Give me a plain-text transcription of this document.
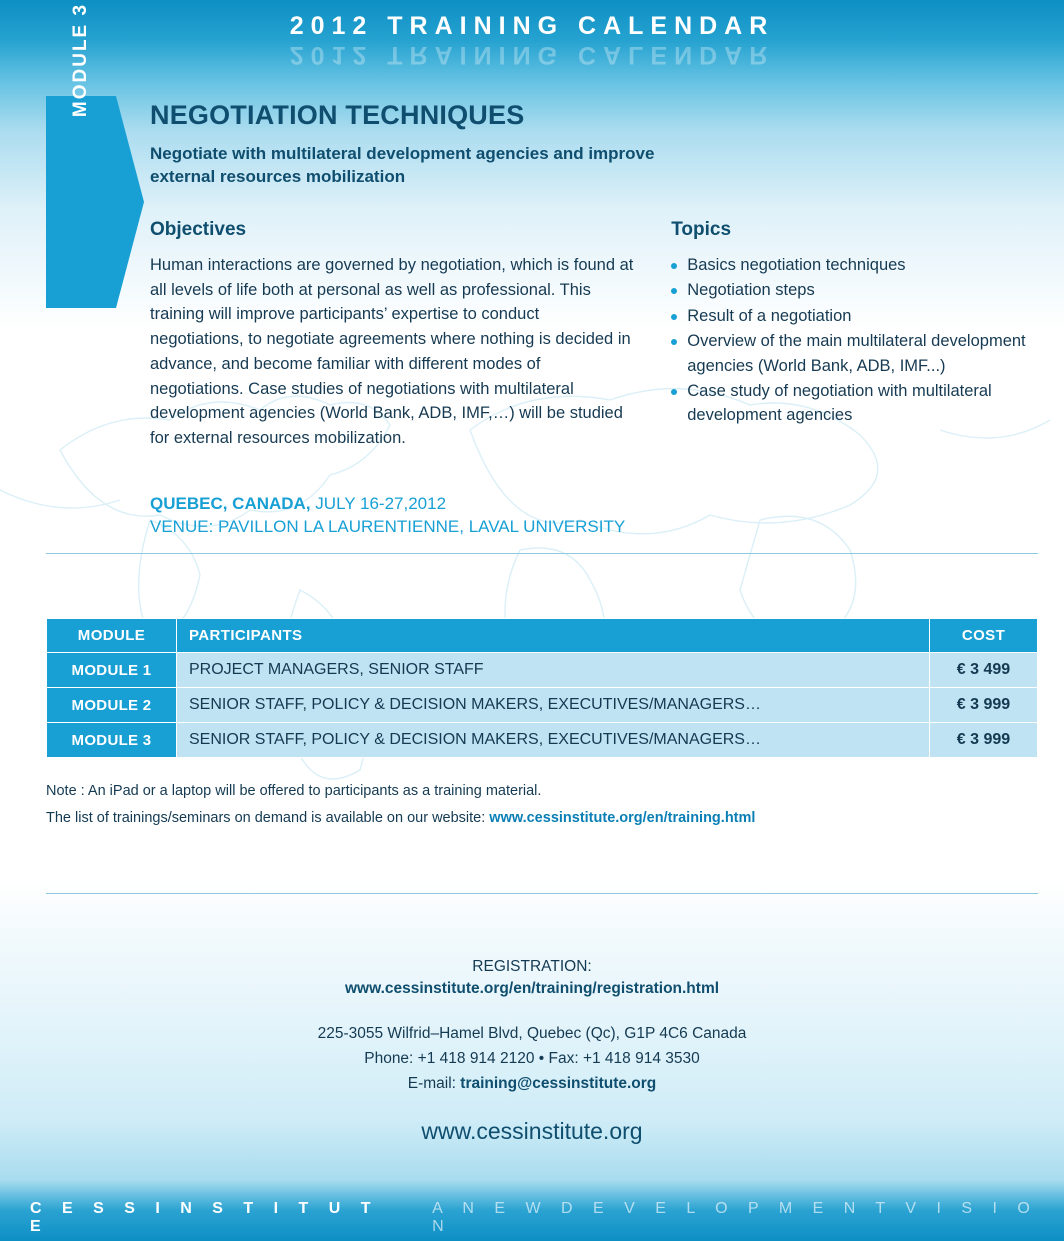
2012 TRAINING CALENDAR
2012 TRAINING CALENDAR
MODULE 3	NEGOTIATION TECHNIQUES
Negotiate with multilateral development agencies and improve external resources mobilization
Objectives

Human interactions are governed by negotiation, which is found at all levels of life both at personal as well as professional. This training will improve participants’ expertise to conduct negotiations, to negotiate agreements where nothing is decided in advance, and become familiar with different modes of negotiations. Case studies of negotiations with multilateral development agencies (World Bank, ADB, IMF,…) will be studied for external resources mobilization.

Topics
Basics negotiation techniques
Negotiation steps
Result of a negotiation
Overview of the main multilateral development agencies (World Bank, ADB, IMF...)
Case study of negotiation with multilateral development agencies
QUEBEC, CANADA, JULY 16-27,2012
VENUE: PAVILLON LA LAURENTIENNE, LAVAL UNIVERSITY
MODULE	PARTICIPANTS	COST
MODULE 1	PROJECT MANAGERS, SENIOR STAFF	€ 3 499
MODULE 2	SENIOR STAFF, POLICY & DECISION MAKERS, EXECUTIVES/MANAGERS…	€ 3 999
MODULE 3	SENIOR STAFF, POLICY & DECISION MAKERS, EXECUTIVES/MANAGERS…	€ 3 999
Note : An iPad or a laptop will be offered to participants as a training material.
The list of trainings/seminars on demand is available on our website: www.cessinstitute.org/en/training.html
REGISTRATION:
www.cessinstitute.org/en/training/registration.html
225-3055 Wilfrid–Hamel Blvd, Quebec (Qc), G1P 4C6 Canada
Phone: +1 418 914 2120 • Fax: +1 418 914 3530
E-mail: training@cessinstitute.org
www.cessinstitute.org
C E S S I N S T I T U T E
A N E W D E V E L O P M E N T V I S I O N
